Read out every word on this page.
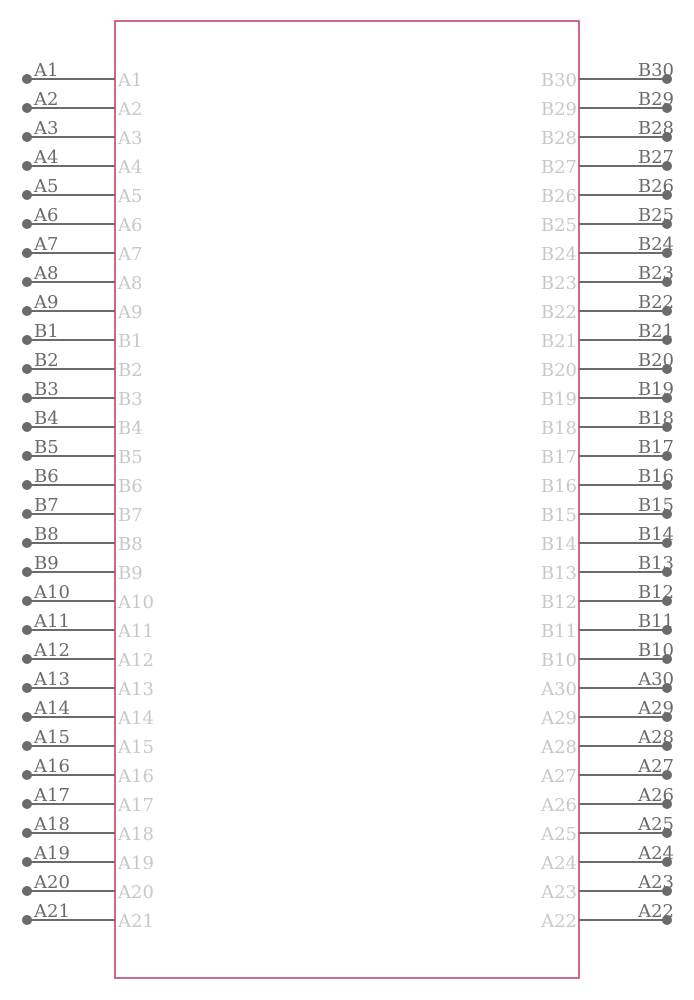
A1	A1
A2	A2
A3	A3
A4	A4
A5	A5
A6	A6
A7	A7
A8	A8
A9	A9
B1	B1
B2	B2
B3	B3
B4	B4
B5	B5
B6	B6
B7	B7
B8	B8
B9	B9
A10	A10
A11	A11
A12	A12
A13	A13
A14	A14
A15	A15
A16	A16
A17	A17
A18	A18
A19	A19
A20	A20
A21	A21
B30
B30
B29
B29
B28
B28
B27
B27
B26
B26
B25
B25
B24
B24
B23
B23
B22
B22
B21
B21
B20
B20
B19
B19
B18
B18
B17
B17
B16
B16
B15
B15
B14
B14
B13
B13
B12
B12
B11
B11
B10
B10
A30
A30
A29
A29
A28
A28
A27
A27
A26
A26
A25
A25
A24
A24
A23
A23
A22
A22
